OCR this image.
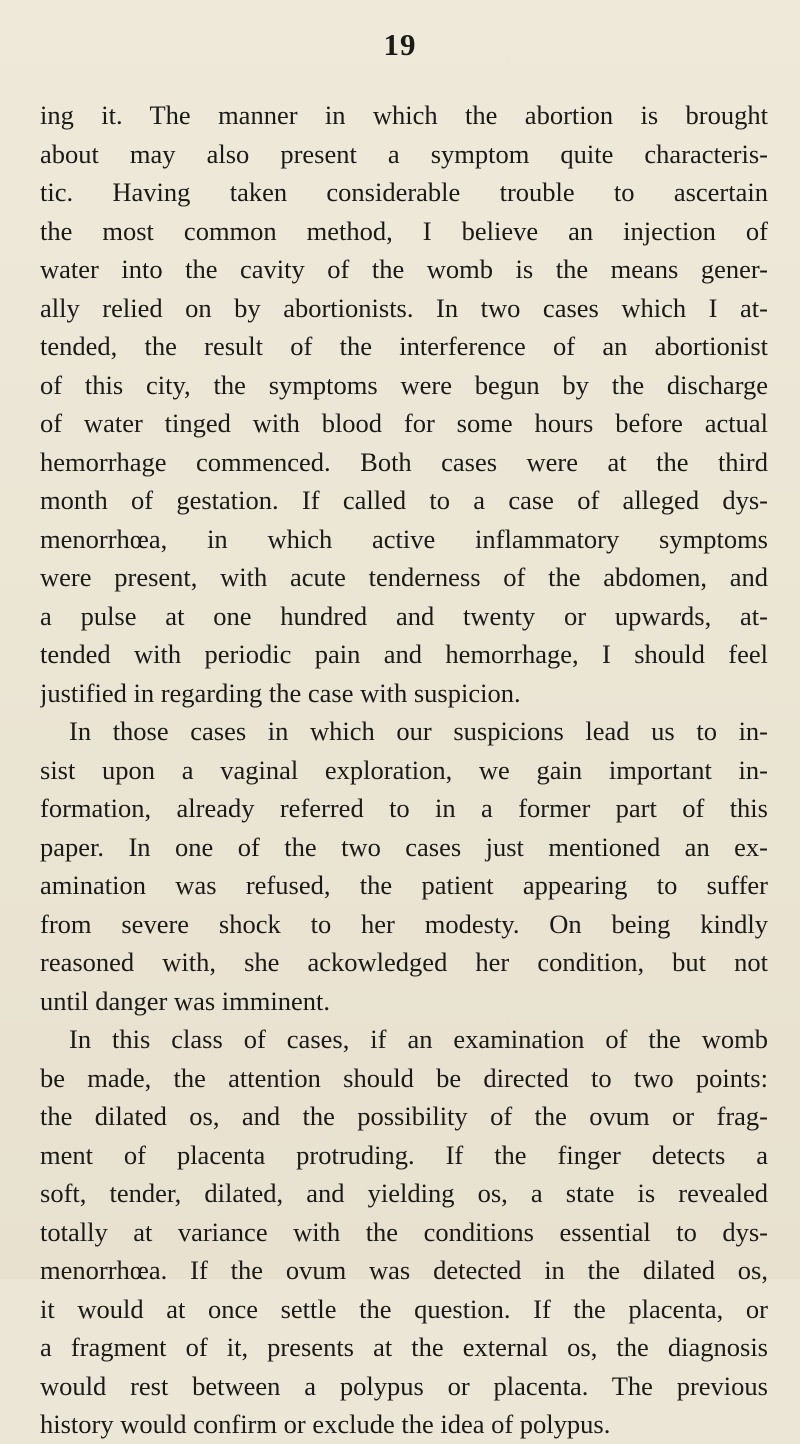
19
ing it. The manner in which the abortion is brought
about may also present a symptom quite characteris-
tic. Having taken considerable trouble to ascertain
the most common method, I believe an injection of
water into the cavity of the womb is the means gener-
ally relied on by abortionists. In two cases which I at-
tended, the result of the interference of an abortionist
of this city, the symptoms were begun by the discharge
of water tinged with blood for some hours before actual
hemorrhage commenced. Both cases were at the third
month of gestation. If called to a case of alleged dys-
menorrhœa, in which active inflammatory symptoms
were present, with acute tenderness of the abdomen, and
a pulse at one hundred and twenty or upwards, at-
tended with periodic pain and hemorrhage, I should feel
justified in regarding the case with suspicion.
In those cases in which our suspicions lead us to in-
sist upon a vaginal exploration, we gain important in-
formation, already referred to in a former part of this
paper. In one of the two cases just mentioned an ex-
amination was refused, the patient appearing to suffer
from severe shock to her modesty. On being kindly
reasoned with, she ackowledged her condition, but not
until danger was imminent.
In this class of cases, if an examination of the womb
be made, the attention should be directed to two points:
the dilated os, and the possibility of the ovum or frag-
ment of placenta protruding. If the finger detects a
soft, tender, dilated, and yielding os, a state is revealed
totally at variance with the conditions essential to dys-
menorrhœa. If the ovum was detected in the dilated os,
it would at once settle the question. If the placenta, or
a fragment of it, presents at the external os, the diagnosis
would rest between a polypus or placenta. The previous
history would confirm or exclude the idea of polypus.
